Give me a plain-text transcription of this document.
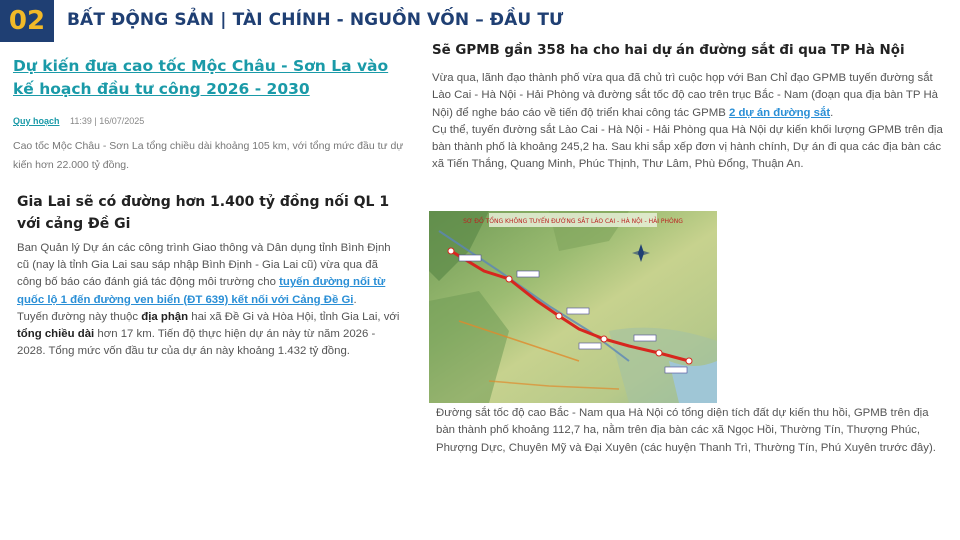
02	BẤT ĐỘNG SẢN | TÀI CHÍNH - NGUỒN VỐN – ĐẦU TƯ
Dự kiến đưa cao tốc Mộc Châu - Sơn La vào kế hoạch đầu tư công 2026 - 2030
Quy hoạch 11:39 | 16/07/2025

Cao tốc Mộc Châu - Sơn La tổng chiều dài khoảng 105 km, với tổng mức đầu tư dự kiến hơn 22.000 tỷ đồng.

Gia Lai sẽ có đường hơn 1.400 tỷ đồng nối QL 1 với cảng Đề Gi

Ban Quản lý Dự án các công trình Giao thông và Dân dụng tỉnh Bình Định cũ (nay là tỉnh Gia Lai sau sáp nhập Bình Định - Gia Lai cũ) vừa qua đã công bố báo cáo đánh giá tác động môi trường cho tuyến đường nối từ quốc lộ 1 đến đường ven biển (ĐT 639) kết nối với Cảng Đề Gi.

Tuyến đường này thuộc địa phận hai xã Đề Gi và Hòa Hội, tỉnh Gia Lai, với tổng chiều dài hơn 17 km. Tiến độ thực hiện dự án này từ năm 2026 - 2028. Tổng mức vốn đầu tư của dự án này khoảng 1.432 tỷ đồng.

Sẽ GPMB gần 358 ha cho hai dự án đường sắt đi qua TP Hà Nội

Vừa qua, lãnh đạo thành phố vừa qua đã chủ trì cuộc họp với Ban Chỉ đạo GPMB tuyến đường sắt Lào Cai - Hà Nội - Hải Phòng và đường sắt tốc độ cao trên trục Bắc - Nam (đoạn qua địa bàn TP Hà Nội) để nghe báo cáo về tiến độ triển khai công tác GPMB 2 dự án đường sắt.

Cụ thể, tuyến đường sắt Lào Cai - Hà Nội - Hải Phòng qua Hà Nội dự kiến khối lượng GPMB trên địa bàn thành phố là khoảng 245,2 ha. Sau khi sắp xếp đơn vị hành chính, Dự án đi qua các địa bàn các xã Tiến Thắng, Quang Minh, Phúc Thịnh, Thư Lâm, Phù Đổng, Thuận An.

SƠ ĐỒ TỔNG KHÔNG TUYẾN ĐƯỜNG SẮT LÀO CAI - HÀ NỘI - HẢI PHÒNG

Đường sắt tốc độ cao Bắc - Nam qua Hà Nội có tổng diện tích đất dự kiến thu hồi, GPMB trên địa bàn thành phố khoảng 112,7 ha, nằm trên địa bàn các xã Ngọc Hồi, Thường Tín, Thượng Phúc, Phượng Dực, Chuyên Mỹ và Đại Xuyên (các huyện Thanh Trì, Thường Tín, Phú Xuyên trước đây).
